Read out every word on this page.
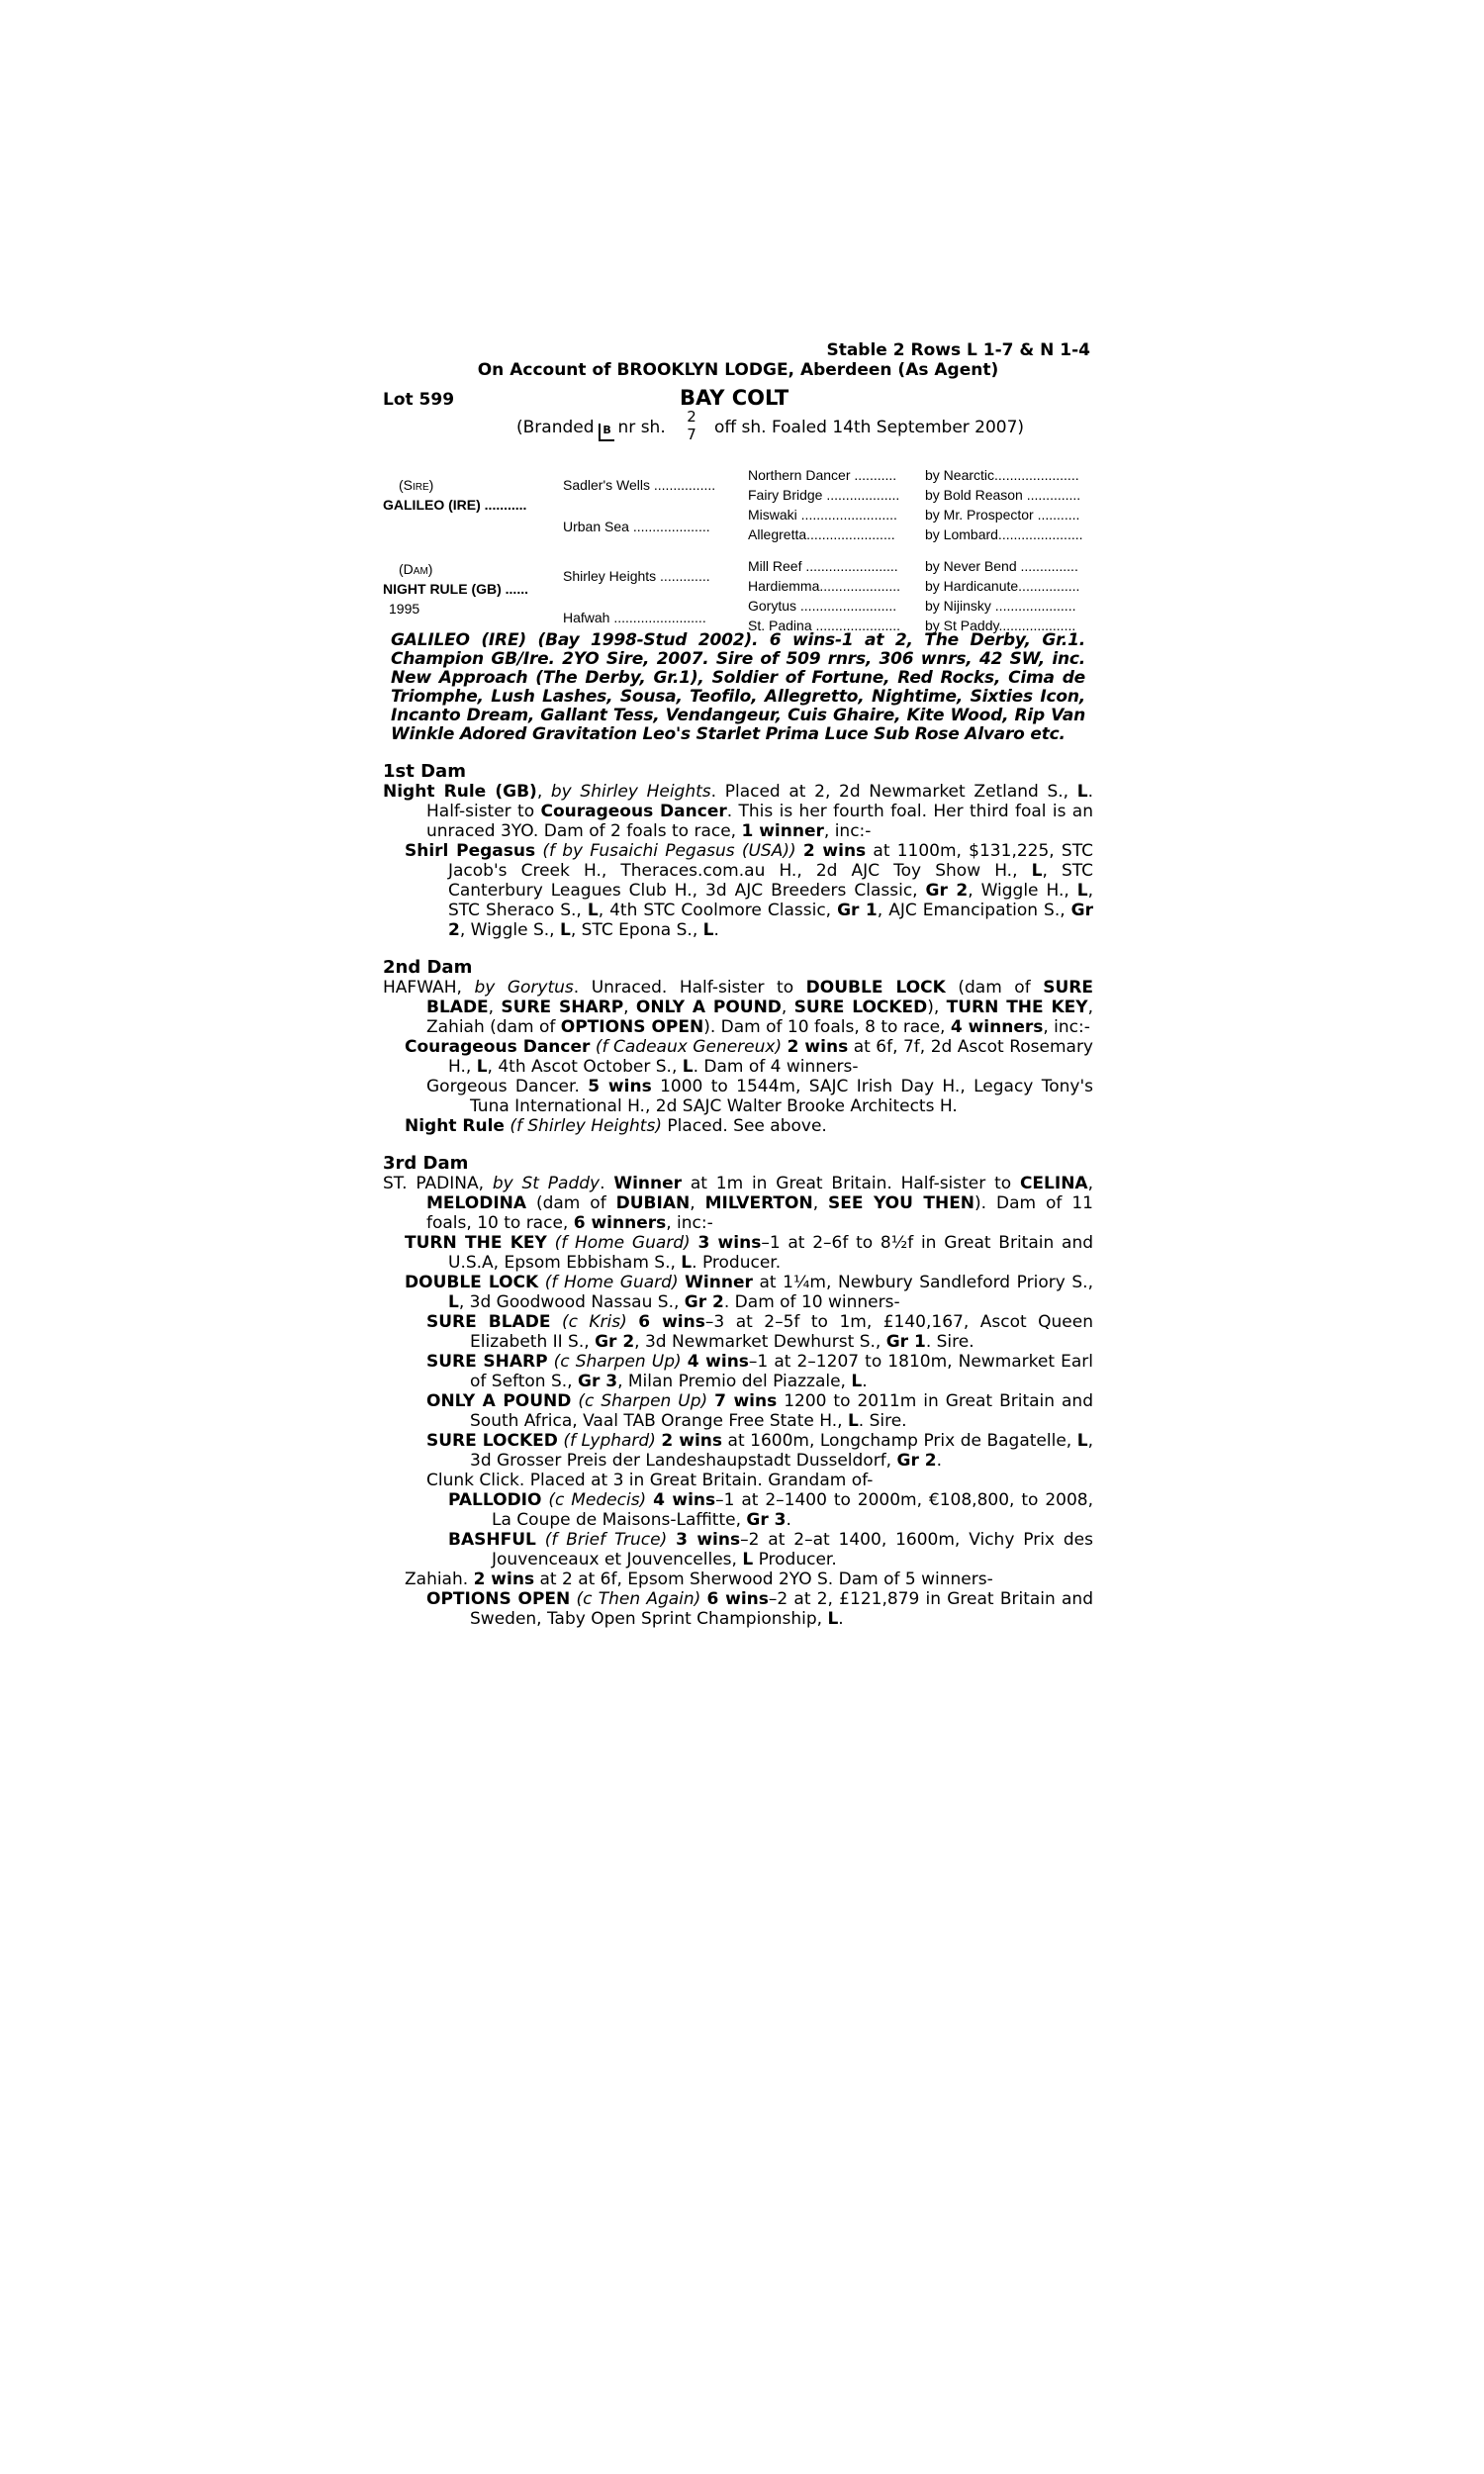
Stable 2 Rows L 1-7 & N 1-4
On Account of BROOKLYN LODGE, Aberdeen (As Agent)
Lot 599	BAY COLT
(Branded B nr sh.
2
7 off sh. Foaled 14th September 2007)
(Sire)
GALILEO (IRE) ...........
(Dam)
NIGHT RULE (GB) ......
1995
Sadler's Wells ................
Urban Sea ....................
Shirley Heights .............
Hafwah ........................
Northern Dancer ...........
Fairy Bridge ...................
Miswaki .........................
Allegretta.......................
Mill Reef ........................
Hardiemma.....................
Gorytus .........................
St. Padina ......................
by Nearctic......................
by Bold Reason ..............
by Mr. Prospector ...........
by Lombard......................
by Never Bend ...............
by Hardicanute................
by Nijinsky .....................
by St Paddy....................
GALILEO (IRE) (Bay 1998-Stud 2002). 6 wins-1 at 2, The Derby, Gr.1. Champion GB/Ire. 2YO Sire, 2007. Sire of 509 rnrs, 306 wnrs, 42 SW, inc. New Approach (The Derby, Gr.1), Soldier of Fortune, Red Rocks, Cima de Triomphe, Lush Lashes, Sousa, Teofilo, Allegretto, Nightime, Sixties Icon, Incanto Dream, Gallant Tess, Vendangeur, Cuis Ghaire, Kite Wood, Rip Van Winkle Adored Gravitation Leo's Starlet Prima Luce Sub Rose Alvaro etc.
1st Dam
Night Rule (GB), by Shirley Heights. Placed at 2, 2d Newmarket Zetland S., L. Half-sister to Courageous Dancer. This is her fourth foal. Her third foal is an unraced 3YO. Dam of 2 foals to race, 1 winner, inc:-
Shirl Pegasus (f by Fusaichi Pegasus (USA)) 2 wins at 1100m, $131,225, STC Jacob's Creek H., Theraces.com.au H., 2d AJC Toy Show H., L, STC Canterbury Leagues Club H., 3d AJC Breeders Classic, Gr 2, Wiggle H., L, STC Sheraco S., L, 4th STC Coolmore Classic, Gr 1, AJC Emancipation S., Gr 2, Wiggle S., L, STC Epona S., L.
2nd Dam
HAFWAH, by Gorytus. Unraced. Half-sister to DOUBLE LOCK (dam of SURE BLADE, SURE SHARP, ONLY A POUND, SURE LOCKED), TURN THE KEY, Zahiah (dam of OPTIONS OPEN). Dam of 10 foals, 8 to race, 4 winners, inc:-
Courageous Dancer (f Cadeaux Genereux) 2 wins at 6f, 7f, 2d Ascot Rosemary H., L, 4th Ascot October S., L. Dam of 4 winners-
Gorgeous Dancer. 5 wins 1000 to 1544m, SAJC Irish Day H., Legacy Tony's Tuna International H., 2d SAJC Walter Brooke Architects H.
Night Rule (f Shirley Heights) Placed. See above.
3rd Dam
ST. PADINA, by St Paddy. Winner at 1m in Great Britain. Half-sister to CELINA, MELODINA (dam of DUBIAN, MILVERTON, SEE YOU THEN). Dam of 11 foals, 10 to race, 6 winners, inc:-
TURN THE KEY (f Home Guard) 3 wins–1 at 2–6f to 8½f in Great Britain and U.S.A, Epsom Ebbisham S., L. Producer.
DOUBLE LOCK (f Home Guard) Winner at 1¼m, Newbury Sandleford Priory S., L, 3d Goodwood Nassau S., Gr 2. Dam of 10 winners-
SURE BLADE (c Kris) 6 wins–3 at 2–5f to 1m, £140,167, Ascot Queen Elizabeth II S., Gr 2, 3d Newmarket Dewhurst S., Gr 1. Sire.
SURE SHARP (c Sharpen Up) 4 wins–1 at 2–1207 to 1810m, Newmarket Earl of Sefton S., Gr 3, Milan Premio del Piazzale, L.
ONLY A POUND (c Sharpen Up) 7 wins 1200 to 2011m in Great Britain and South Africa, Vaal TAB Orange Free State H., L. Sire.
SURE LOCKED (f Lyphard) 2 wins at 1600m, Longchamp Prix de Bagatelle, L, 3d Grosser Preis der Landeshaupstadt Dusseldorf, Gr 2.
Clunk Click. Placed at 3 in Great Britain. Grandam of-
PALLODIO (c Medecis) 4 wins–1 at 2–1400 to 2000m, €108,800, to 2008, La Coupe de Maisons-Laffitte, Gr 3.
BASHFUL (f Brief Truce) 3 wins–2 at 2–at 1400, 1600m, Vichy Prix des Jouvenceaux et Jouvencelles, L Producer.
Zahiah. 2 wins at 2 at 6f, Epsom Sherwood 2YO S. Dam of 5 winners-
OPTIONS OPEN (c Then Again) 6 wins–2 at 2, £121,879 in Great Britain and Sweden, Taby Open Sprint Championship, L.
